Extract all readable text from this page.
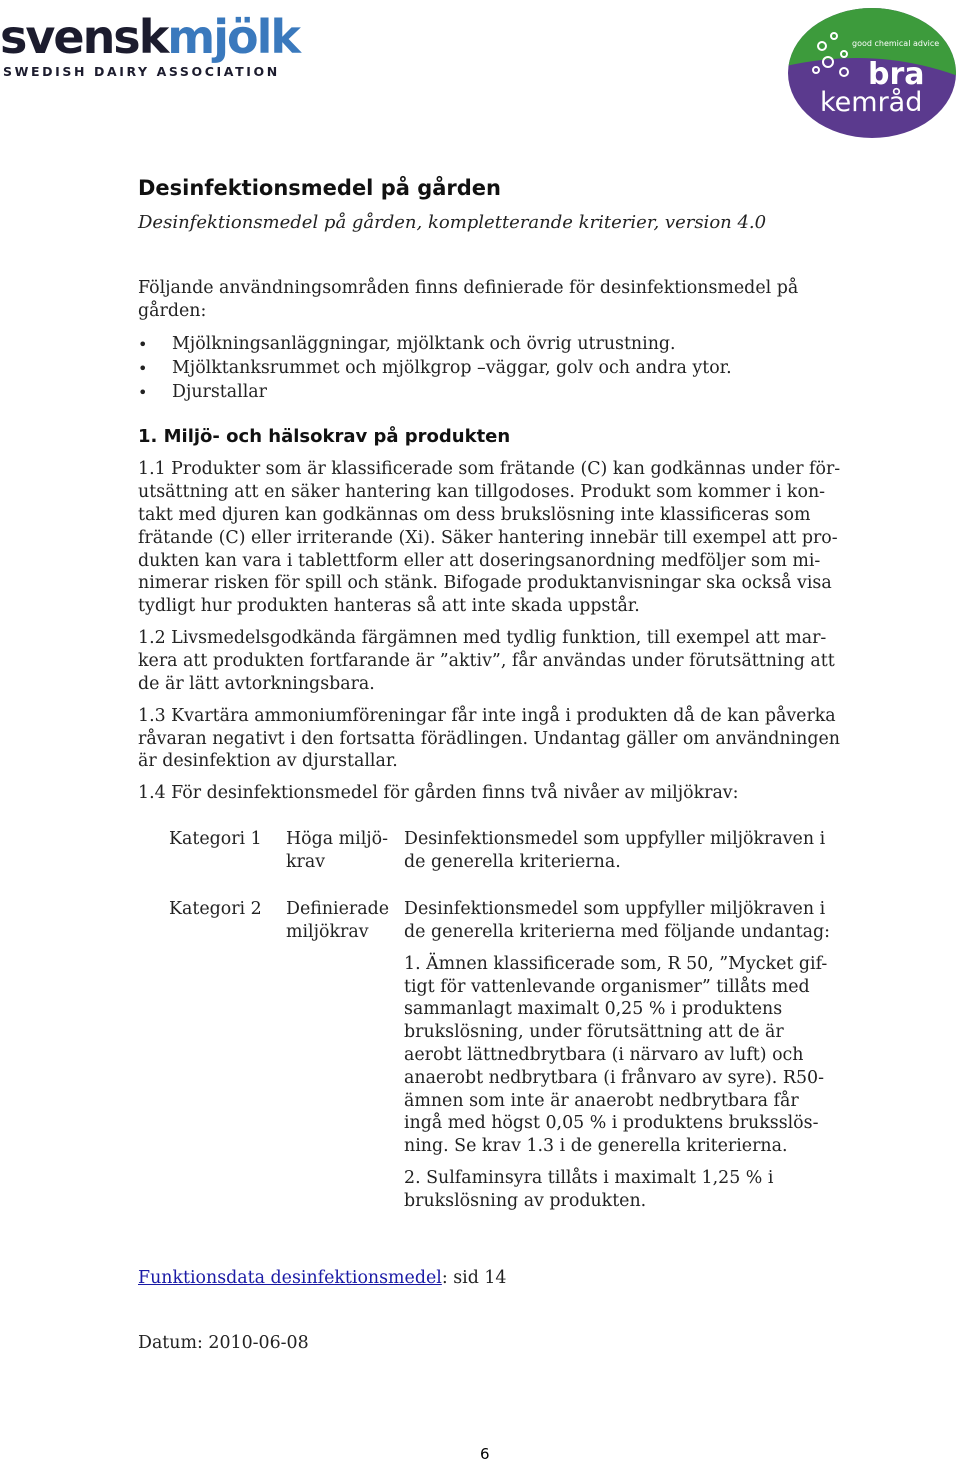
svenskmjölk
SWEDISH DAIRY ASSOCIATION
good chemical advice
bra
kemråd
Desinfektionsmedel på gården
Desinfektionsmedel på gården, kompletterande kriterier, version 4.0
Följande användningsområden finns definierade för desinfektionsmedel på
gården:
• Mjölkningsanläggningar, mjölktank och övrig utrustning.
• Mjölktanksrummet och mjölkgrop –väggar, golv och andra ytor.
• Djurstallar
1. Miljö- och hälsokrav på produkten
1.1 Produkter som är klassificerade som frätande (C) kan godkännas under för-
utsättning att en säker hantering kan tillgodoses. Produkt som kommer i kon-
takt med djuren kan godkännas om dess brukslösning inte klassificeras som
frätande (C) eller irriterande (Xi). Säker hantering innebär till exempel att pro-
dukten kan vara i tablettform eller att doseringsanordning medföljer som mi-
nimerar risken för spill och stänk. Bifogade produktanvisningar ska också visa
tydligt hur produkten hanteras så att inte skada uppstår.
1.2 Livsmedelsgodkända färgämnen med tydlig funktion, till exempel att mar-
kera att produkten fortfarande är ”aktiv”, får användas under förutsättning att
de är lätt avtorkningsbara.
1.3 Kvartära ammoniumföreningar får inte ingå i produkten då de kan påverka
råvaran negativt i den fortsatta förädlingen. Undantag gäller om användningen
är desinfektion av djurstallar.
1.4 För desinfektionsmedel för gården finns två nivåer av miljökrav:
Kategori 1 Höga miljö-
krav
Desinfektionsmedel som uppfyller miljökraven i
de generella kriterierna.
Kategori 2 Definierade
miljökrav
Desinfektionsmedel som uppfyller miljökraven i
de generella kriterierna med följande undantag:
1. Ämnen klassificerade som, R 50, ”Mycket gif-
tigt för vattenlevande organismer” tillåts med
sammanlagt maximalt 0,25 % i produktens
brukslösning, under förutsättning att de är
aerobt lättnedbrytbara (i närvaro av luft) och
anaerobt nedbrytbara (i frånvaro av syre). R50-
ämnen som inte är anaerobt nedbrytbara får
ingå med högst 0,05 % i produktens bruksslös-
ning. Se krav 1.3 i de generella kriterierna.
2. Sulfaminsyra tillåts i maximalt 1,25 % i
brukslösning av produkten.
Funktionsdata desinfektionsmedel: sid 14
Datum: 2010-06-08
6
